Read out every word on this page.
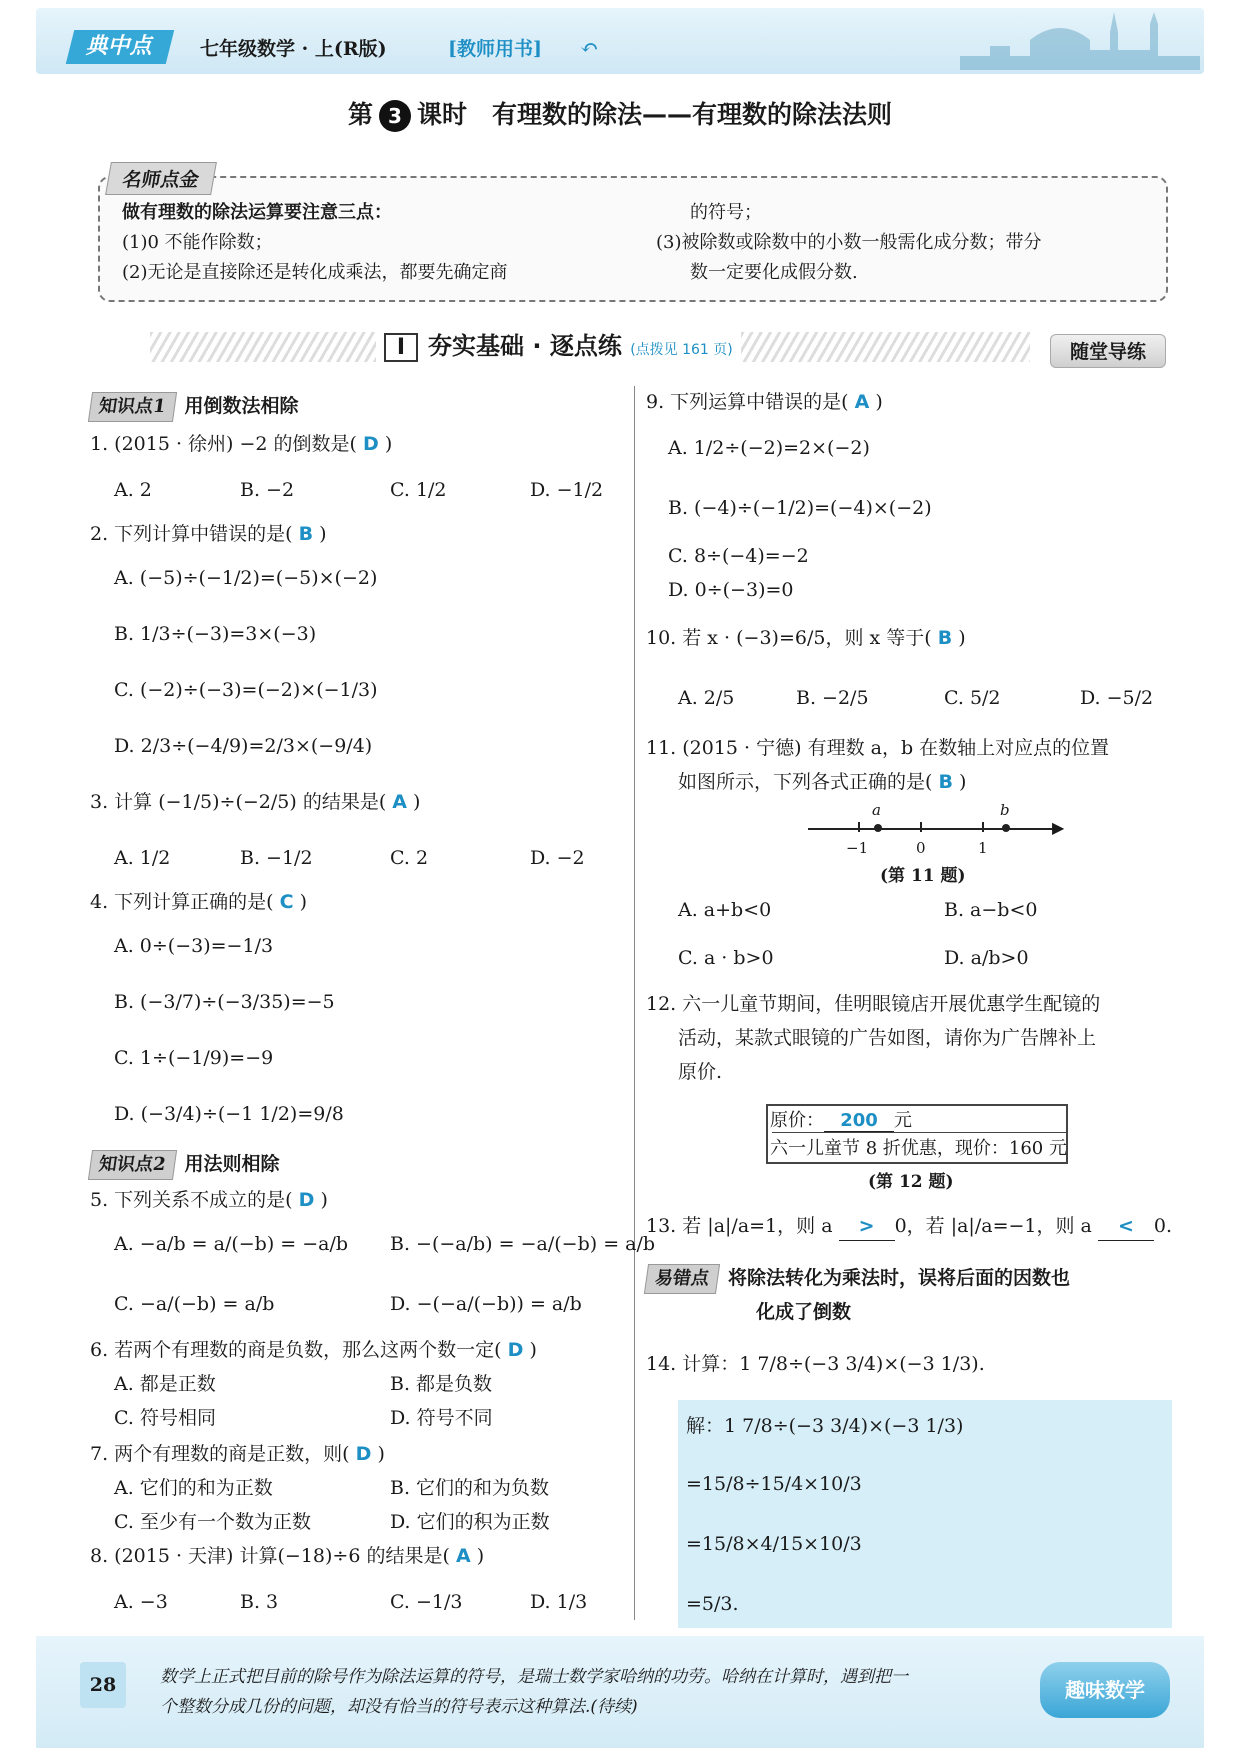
典中点	七年级数学 · 上(R版)	[教师用书] ↶
第 3 课时　有理数的除法——有理数的除法法则
名师点金
做有理数的除法运算要注意三点：
(1)0 不能作除数；
(2)无论是直接除还是转化成乘法，都要先确定商
的符号；
(3)被除数或除数中的小数一般需化成分数；带分
数一定要化成假分数.
I 夯实基础 · 逐点练 (点拨见 161 页)	随堂导练
知识点1 用倒数法相除
1. (2015 · 徐州) −2 的倒数是( D )
A. 2	B. −2	C. 1/2	D. −1/2
2. 下列计算中错误的是( B )
A. (−5)÷(−1/2)=(−5)×(−2)
B. 1/3÷(−3)=3×(−3)
C. (−2)÷(−3)=(−2)×(−1/3)
D. 2/3÷(−4/9)=2/3×(−9/4)
3. 计算 (−1/5)÷(−2/5) 的结果是( A )
A. 1/2	B. −1/2	C. 2	D. −2
4. 下列计算正确的是( C )
A. 0÷(−3)=−1/3
B. (−3/7)÷(−3/35)=−5
C. 1÷(−1/9)=−9
D. (−3/4)÷(−1 1/2)=9/8
知识点2 用法则相除
5. 下列关系不成立的是( D )
A. −a/b = a/(−b) = −a/b B. −(−a/b) = −a/(−b) = a/b
C. −a/(−b) = a/b	D. −(−a/(−b)) = a/b
6. 若两个有理数的商是负数，那么这两个数一定( D )
A. 都是正数	B. 都是负数
C. 符号相同	D. 符号不同
7. 两个有理数的商是正数，则( D )
A. 它们的和为正数	B. 它们的和为负数
C. 至少有一个数为正数	D. 它们的积为正数
8. (2015 · 天津) 计算(−18)÷6 的结果是( A )
A. −3	B. 3	C. −1/3	D. 1/3
9. 下列运算中错误的是( A )
A. 1/2÷(−2)=2×(−2)
B. (−4)÷(−1/2)=(−4)×(−2)
C. 8÷(−4)=−2
D. 0÷(−3)=0
10. 若 x · (−3)=6/5，则 x 等于( B )
A. 2/5	B. −2/5	C. 5/2	D. −5/2
11. (2015 · 宁德) 有理数 a，b 在数轴上对应点的位置
如图所示，下列各式正确的是( B )
▶
a	b
−1	0	1
(第 11 题)
A. a+b<0	B. a−b<0
C. a · b>0	D. a/b>0
12. 六一儿童节期间，佳明眼镜店开展优惠学生配镜的
活动，某款式眼镜的广告如图，请你为广告牌补上
原价.
原价： 200 元
六一儿童节 8 折优惠，现价：160 元
(第 12 题)
13. 若 |a|/a=1，则 a > 0，若 |a|/a=−1，则 a < 0.
易错点 将除法转化为乘法时，误将后面的因数也
化成了倒数
14. 计算：1 7/8÷(−3 3/4)×(−3 1/3).
解：1 7/8÷(−3 3/4)×(−3 1/3)
=15/8÷15/4×10/3
=15/8×4/15×10/3
=5/3.
28	数学上正式把目前的除号作为除法运算的符号，是瑞士数学家哈纳的功劳。哈纳在计算时，遇到把一
个整数分成几份的问题，却没有恰当的符号表示这种算法.(待续)
趣味数学
